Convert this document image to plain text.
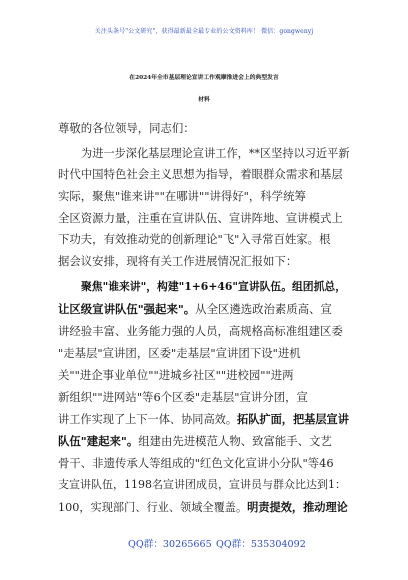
关注头条号"公文研究"，获得最新最全最专业的公文资料库！ 微信：gongwenyj
在2024年全市基层理论宣讲工作观摩推进会上的典型发言
材料
尊敬的各位领导，同志们：
为进一步深化基层理论宣讲工作，**区坚持以习近平新
时代中国特色社会主义思想为指导，着眼群众需求和基层
实际，聚焦"谁来讲""在哪讲""讲得好"，科学统筹
全区资源力量，注重在宣讲队伍、宣讲阵地、宣讲模式上
下功夫，有效推动党的创新理论"飞"入寻常百姓家。根
据会议安排，现将有关工作进展情况汇报如下：
聚焦"谁来讲"，构建"1+6+46"宣讲队伍。组团抓总，
让区级宣讲队伍"强起来"。从全区遴选政治素质高、宣
讲经验丰富、业务能力强的人员，高规格高标准组建区委
"走基层"宣讲团，区委"走基层"宣讲团下设"进机
关""进企事业单位""进城乡社区""进校园""进两
新组织""进网站"等6个区委"走基层"宣讲分团，宣
讲工作实现了上下一体、协同高效。拓队扩面，把基层宣讲
队伍"建起来"。组建由先进模范人物、致富能手、文艺
骨干、非遗传承人等组成的"红色文化宣讲小分队"等46
支宣讲队伍，1198名宣讲团成员，宣讲员与群众比达到1：
100，实现部门、行业、领域全覆盖。明责提效，推动理论
QQ群：30265665 QQ群：535304092
